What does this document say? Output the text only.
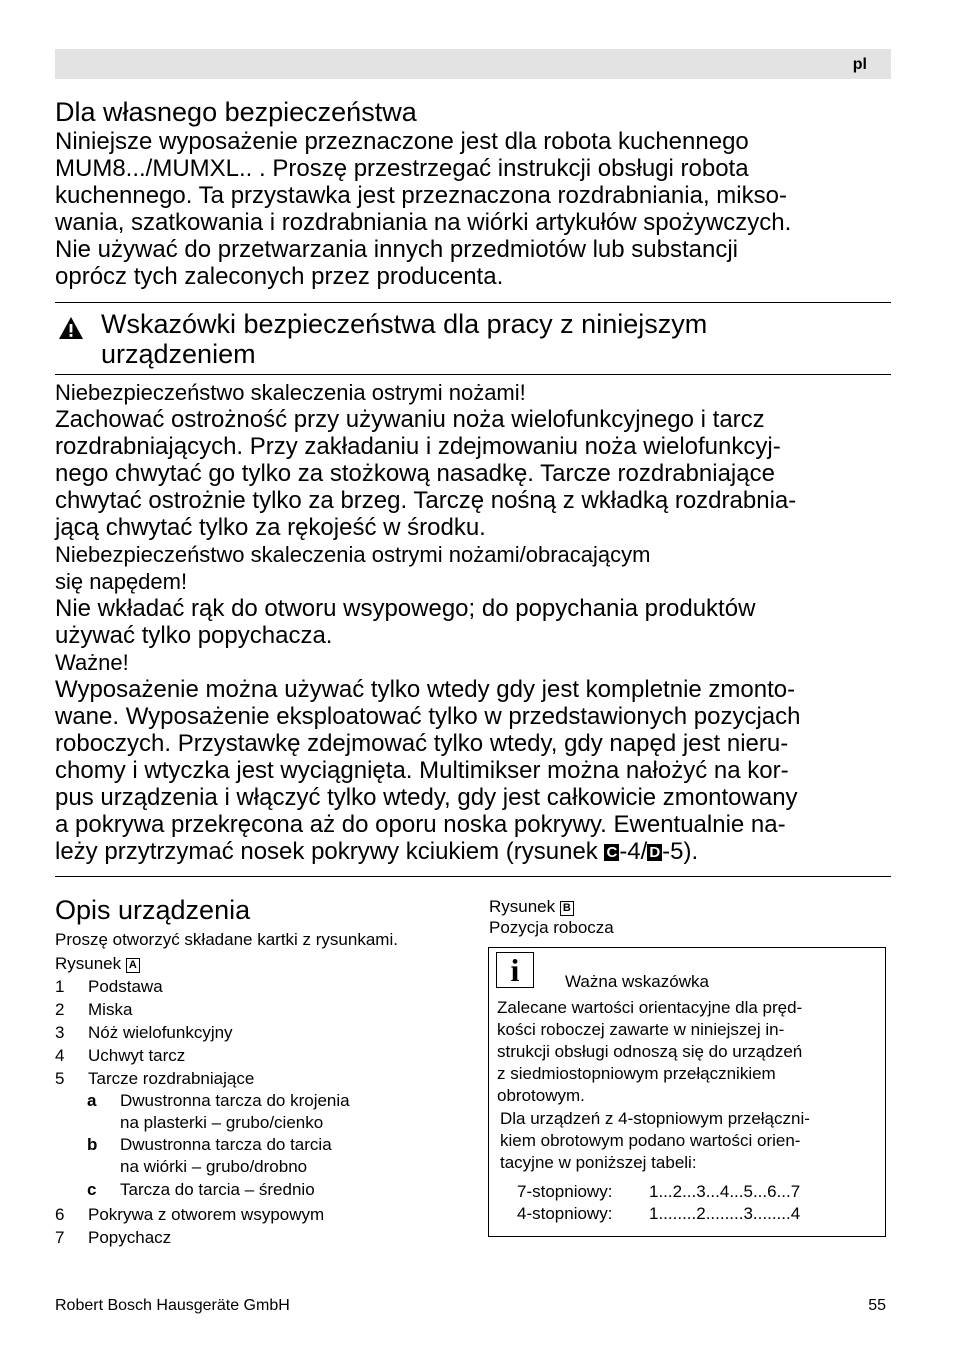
pl
Dla własnego bezpieczeństwa
Niniejsze wyposażenie przeznaczone jest dla robota kuchennego
MUM8.../MUMXL.. . Proszę przestrzegać instrukcji obsługi robota
kuchennego. Ta przystawka jest przeznaczona rozdrabniania, mikso-
wania, szatkowania i rozdrabniania na wiórki artykułów spożywczych.
Nie używać do przetwarzania innych przedmiotów lub substancji
oprócz tych zaleconych przez producenta.
Wskazówki bezpieczeństwa dla pracy z niniejszym
urządzeniem
Niebezpieczeństwo skaleczenia ostrymi nożami!
Zachować ostrożność przy używaniu noża wielofunkcyjnego i tarcz
rozdrabniających. Przy zakładaniu i zdejmowaniu noża wielofunkcyj-
nego chwytać go tylko za stożkową nasadkę. Tarcze rozdrabniające
chwytać ostrożnie tylko za brzeg. Tarczę nośną z wkładką rozdrabnia-
jącą chwytać tylko za rękojeść w środku.
Niebezpieczeństwo skaleczenia ostrymi nożami/obracającym
się napędem!
Nie wkładać rąk do otworu wsypowego; do popychania produktów
używać tylko popychacza.
Ważne!
Wyposażenie można używać tylko wtedy gdy jest kompletnie zmonto-
wane. Wyposażenie eksploatować tylko w przedstawionych pozycjach
roboczych. Przystawkę zdejmować tylko wtedy, gdy napęd jest nieru-
chomy i wtyczka jest wyciągnięta. Multimikser można nałożyć na kor-
pus urządzenia i włączyć tylko wtedy, gdy jest całkowicie zmontowany
a pokrywa przekręcona aż do oporu noska pokrywy. Ewentualnie na-
leży przytrzymać nosek pokrywy kciukiem (rysunek C-4/ D-5).
Opis urządzenia
Proszę otworzyć składane kartki z rysunkami.
Rysunek A
1 Podstawa
2 Miska
3 Nóż wielofunkcyjny
4 Uchwyt tarcz
5 Tarcze rozdrabniające
a Dwustronna tarcza do krojenia
na plasterki – grubo/cienko
b Dwustronna tarcza do tarcia
na wiórki – grubo/drobno
c Tarcza do tarcia – średnio
6 Pokrywa z otworem wsypowym
7 Popychacz
Rysunek B
Pozycja robocza
i	Ważna wskazówka
Zalecane wartości orientacyjne dla pręd-
kości roboczej zawarte w niniejszej in-
strukcji obsługi odnoszą się do urządzeń
z siedmiostopniowym przełącznikiem
obrotowym.
Dla urządzeń z 4-stopniowym przełączni-
kiem obrotowym podano wartości orien-
tacyjne w poniższej tabeli:
7-stopniowy: 1...2...3...4...5...6...7
4-stopniowy: 1........2........3........4
Robert Bosch Hausgeräte GmbH	55
